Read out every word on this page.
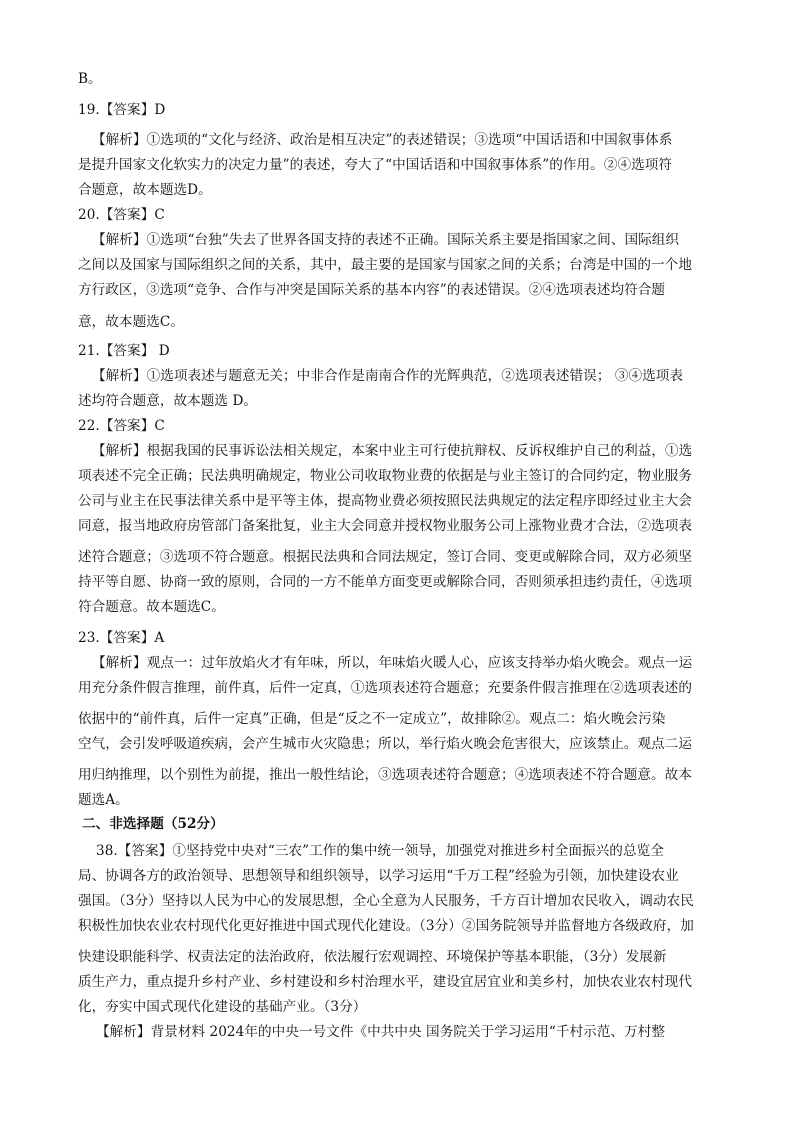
B。
19.【答案】D
【解析】①选项的“文化与经济、政治是相互决定”的表述错误；③选项“中国话语和中国叙事体系
是提升国家文化软实力的决定力量”的表述，夸大了“中国话语和中国叙事体系”的作用。②④选项符
合题意，故本题选D。
20.【答案】C
【解析】①选项“台独”失去了世界各国支持的表述不正确。国际关系主要是指国家之间、国际组织
之间以及国家与国际组织之间的关系，其中，最主要的是国家与国家之间的关系；台湾是中国的一个地
方行政区，③选项“竞争、合作与冲突是国际关系的基本内容”的表述错误。②④选项表述均符合题
意，故本题选C。
21.【答案】 D
【解析】①选项表述与题意无关；中非合作是南南合作的光辉典范，②选项表述错误； ③④选项表
述均符合题意，故本题选 D。
22.【答案】C
【解析】根据我国的民事诉讼法相关规定，本案中业主可行使抗辩权、反诉权维护自己的利益，①选
项表述不完全正确；民法典明确规定，物业公司收取物业费的依据是与业主签订的合同约定，物业服务
公司与业主在民事法律关系中是平等主体，提高物业费必须按照民法典规定的法定程序即经过业主大会
同意，报当地政府房管部门备案批复，业主大会同意并授权物业服务公司上涨物业费才合法，②选项表
述符合题意；③选项不符合题意。根据民法典和合同法规定，签订合同、变更或解除合同，双方必须坚
持平等自愿、协商一致的原则，合同的一方不能单方面变更或解除合同，否则须承担违约责任，④选项
符合题意。故本题选C。
23.【答案】A
【解析】观点一：过年放焰火才有年味，所以，年味焰火暖人心，应该支持举办焰火晚会。观点一运
用充分条件假言推理，前件真，后件一定真，①选项表述符合题意；充要条件假言推理在②选项表述的
依据中的“前件真，后件一定真”正确，但是“反之不一定成立”，故排除②。观点二：焰火晚会污染
空气，会引发呼吸道疾病，会产生城市火灾隐患；所以，举行焰火晚会危害很大，应该禁止。观点二运
用归纳推理，以个别性为前提，推出一般性结论，③选项表述符合题意；④选项表述不符合题意。故本
题选A。
二、非选择题（52分）
38.【答案】①坚持党中央对“三农”工作的集中统一领导，加强党对推进乡村全面振兴的总览全
局、协调各方的政治领导、思想领导和组织领导，以学习运用“千万工程”经验为引领，加快建设农业
强国。（3分）坚持以人民为中心的发展思想，全心全意为人民服务，千方百计增加农民收入，调动农民
积极性加快农业农村现代化更好推进中国式现代化建设。（3分）②国务院领导并监督地方各级政府，加
快建设职能科学、权责法定的法治政府，依法履行宏观调控、环境保护等基本职能，（3分）发展新
质生产力，重点提升乡村产业、乡村建设和乡村治理水平，建设宜居宜业和美乡村，加快农业农村现代
化，夯实中国式现代化建设的基础产业。（3分）
【解析】背景材料 2024年的中央一号文件《中共中央 国务院关于学习运用“千村示范、万村整
